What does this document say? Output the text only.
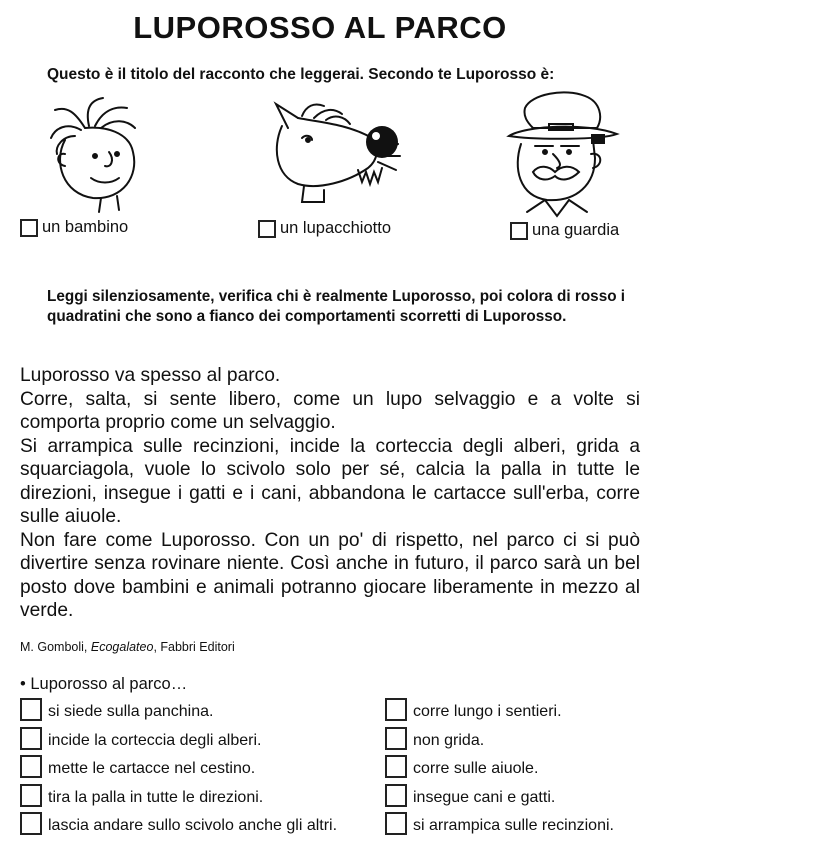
LUPOROSSO AL PARCO
Questo è il titolo del racconto che leggerai. Secondo te Luporosso è:
un bambino	un lupacchiotto	una guardia
Leggi silenziosamente, verifica chi è realmente Luporosso, poi colora di rosso i quadratini che sono a fianco dei comportamenti scorretti di Luporosso.

Luporosso va spesso al parco.

Corre, salta, si sente libero, come un lupo selvaggio e a volte si comporta proprio come un selvaggio.

Si arrampica sulle recinzioni, incide la corteccia degli alberi, grida a squarciagola, vuole lo scivolo solo per sé, calcia la palla in tutte le direzioni, insegue i gatti e i cani, abbandona le cartacce sull'erba, corre sulle aiuole.

Non fare come Luporosso. Con un po' di rispetto, nel parco ci si può divertire senza rovinare niente. Così anche in futuro, il parco sarà un bel posto dove bambini e animali potranno giocare liberamente in mezzo al verde.

M. Gomboli, Ecogalateo, Fabbri Editori
• Luporosso al parco…
si siede sulla panchina.
incide la corteccia degli alberi.
mette le cartacce nel cestino.
tira la palla in tutte le direzioni.
lascia andare sullo scivolo anche gli altri.
corre lungo i sentieri.
non grida.
corre sulle aiuole.
insegue cani e gatti.
si arrampica sulle recinzioni.
